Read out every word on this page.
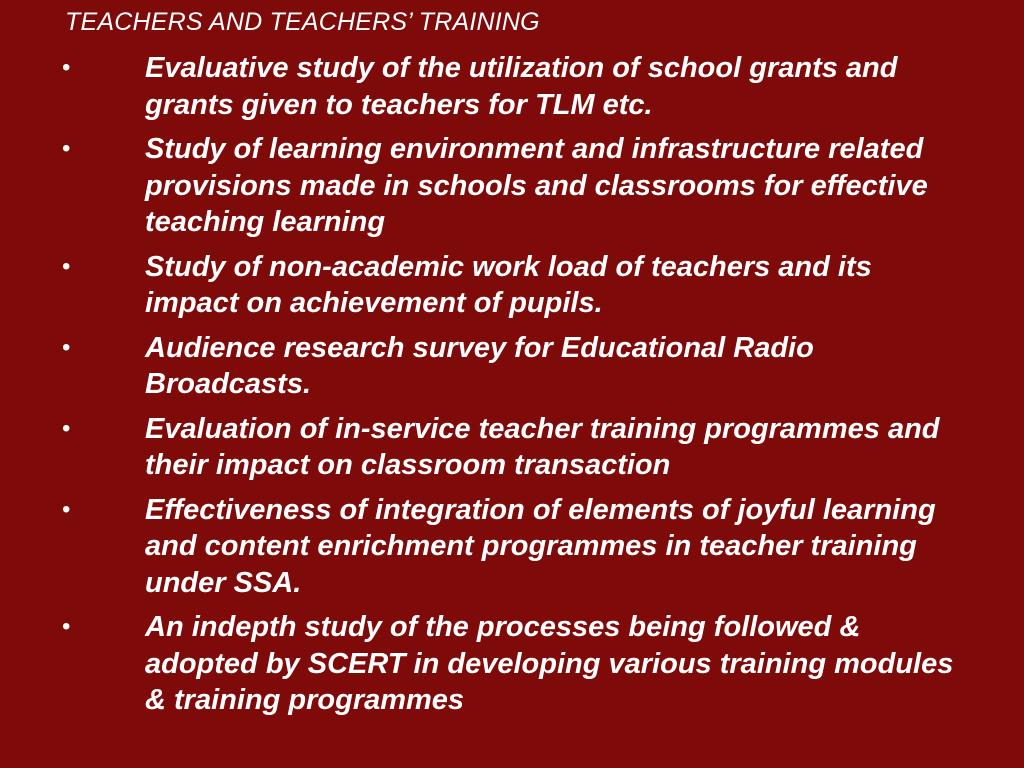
TEACHERS AND TEACHERS’ TRAINING
•	Evaluative study of the utilization of school grants and grants given to teachers for TLM etc.
•	Study of learning environment and infrastructure related provisions made in schools and classrooms for effective teaching learning
•	Study of non-academic work load of teachers and its impact on achievement of pupils.
•	Audience research survey for Educational Radio Broadcasts.
•	Evaluation of in-service teacher training programmes and their impact on classroom transaction
•	Effectiveness of integration of elements of joyful learning and content enrichment programmes in teacher training under SSA.
•	An indepth study of the processes being followed & adopted by SCERT in developing various training modules & training programmes
